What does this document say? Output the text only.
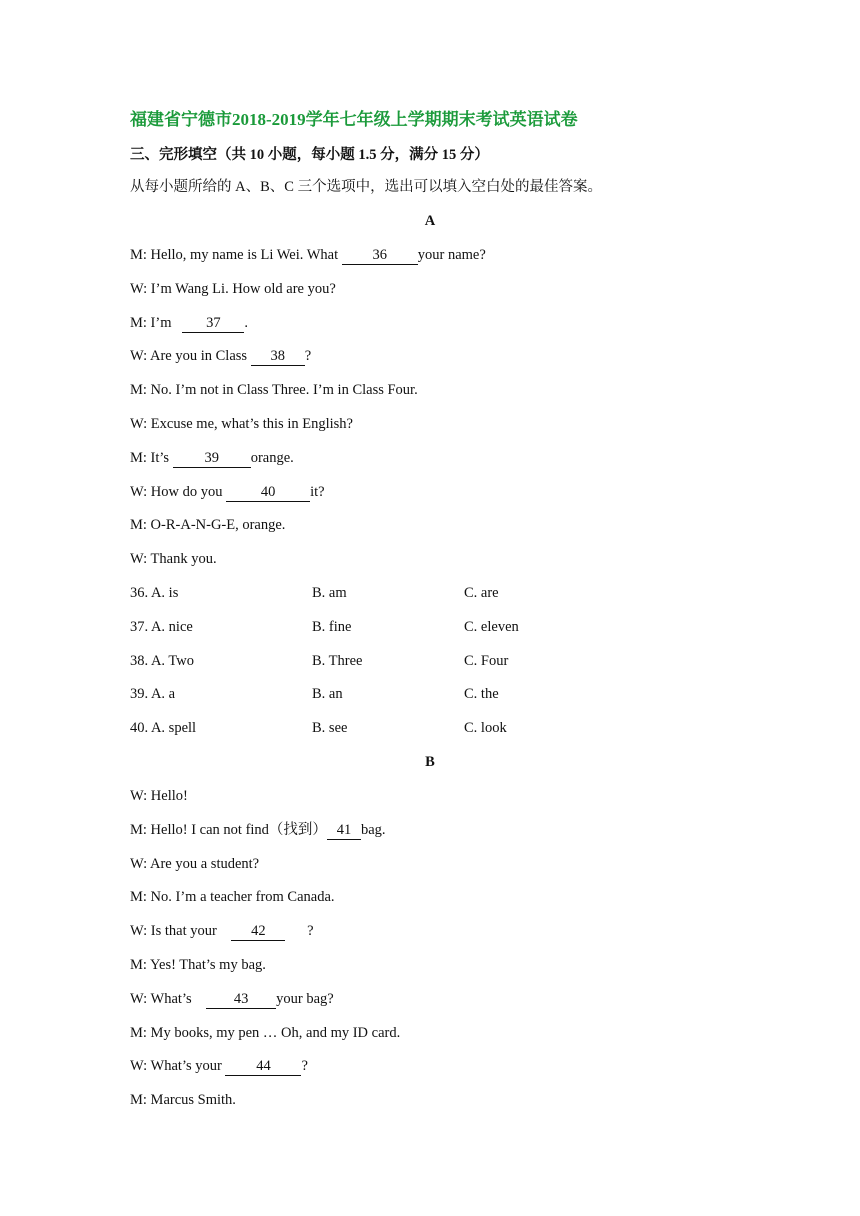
福建省宁德市2018-2019学年七年级上学期期末考试英语试卷
三、完形填空（共 10 小题，每小题 1.5 分，满分 15 分）
从每小题所给的 A、B、C 三个选项中，选出可以填入空白处的最佳答案。
A
M: Hello, my name is Li Wei. What 36 your name?
W: I’m Wang Li. How old are you?
M: I’m   37 .
W: Are you in Class 38 ?
M: No. I’m not in Class Three. I’m in Class Four.
W: Excuse me, what’s this in English?
M: It’s 39 orange.
W: How do you 40 it?
M: O-R-A-N-G-E, orange.
W: Thank you.
36. A. is	B. am	C. are
37. A. nice	B. fine	C. eleven
38. A. Two	B. Three	C. Four
39. A. a	B. an	C. the
40. A. spell	B. see	C. look
B
W: Hello!
M: Hello! I can not find（找到） 41 bag.
W: Are you a student?
M: No. I’m a teacher from Canada.
W: Is that your    42      ?
M: Yes! That’s my bag.
W: What’s    43 your bag?
M: My books, my pen … Oh, and my ID card.
W: What’s your 44 ?
M: Marcus Smith.
